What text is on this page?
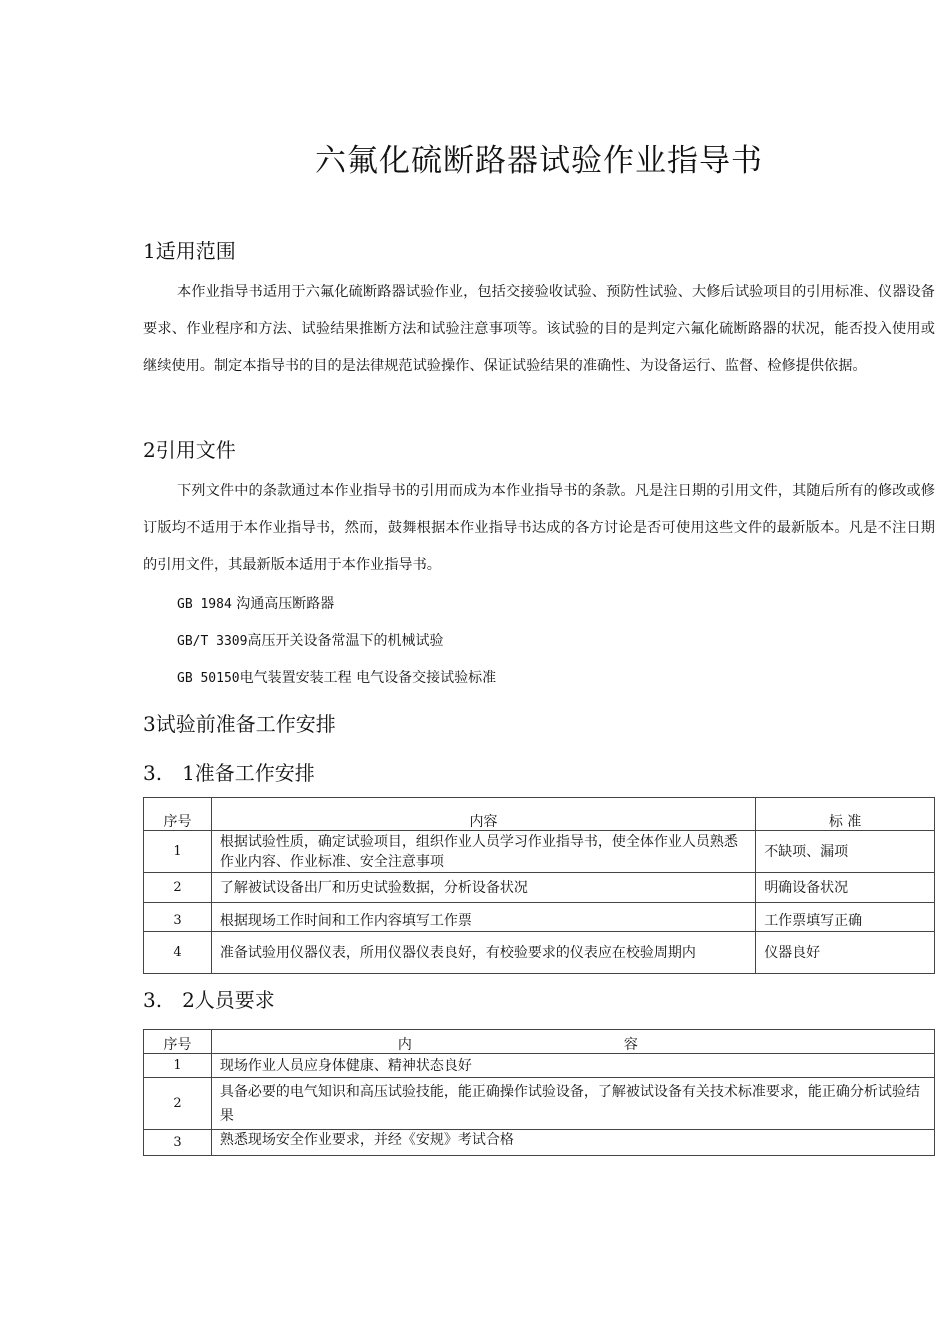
六氟化硫断路器试验作业指导书
1适用范围
本作业指导书适用于六氟化硫断路器试验作业，包括交接验收试验、预防性试验、大修后试验项目的引用标准、仪器设备要求、作业程序和方法、试验结果推断方法和试验注意事项等。该试验的目的是判定六氟化硫断路器的状况，能否投入使用或继续使用。制定本指导书的目的是法律规范试验操作、保证试验结果的准确性、为设备运行、监督、检修提供依据。
2引用文件
下列文件中的条款通过本作业指导书的引用而成为本作业指导书的条款。凡是注日期的引用文件，其随后所有的修改或修订版均不适用于本作业指导书，然而，鼓舞根据本作业指导书达成的各方讨论是否可使用这些文件的最新版本。凡是不注日期的引用文件，其最新版本适用于本作业指导书。
GB 1984 沟通高压断路器
GB/T 3309高压开关设备常温下的机械试验
GB 50150电气装置安装工程 电气设备交接试验标准
3试验前准备工作安排
3.　1准备工作安排
序号	内容	标 准
1	根据试验性质，确定试验项目，组织作业人员学习作业指导书，使全体作业人员熟悉作业内容、作业标准、安全注意事项	不缺项、漏项
2	了解被试设备出厂和历史试验数据，分析设备状况	明确设备状况
3	根据现场工作时间和工作内容填写工作票	工作票填写正确
4	准备试验用仪器仪表，所用仪器仪表良好，有校验要求的仪表应在校验周期内	仪器良好
3.　2人员要求
序号	内 容
1	现场作业人员应身体健康、精神状态良好
2	具备必要的电气知识和高压试验技能，能正确操作试验设备，了解被试设备有关技术标准要求，能正确分析试验结果
3	熟悉现场安全作业要求，并经《安规》考试合格
